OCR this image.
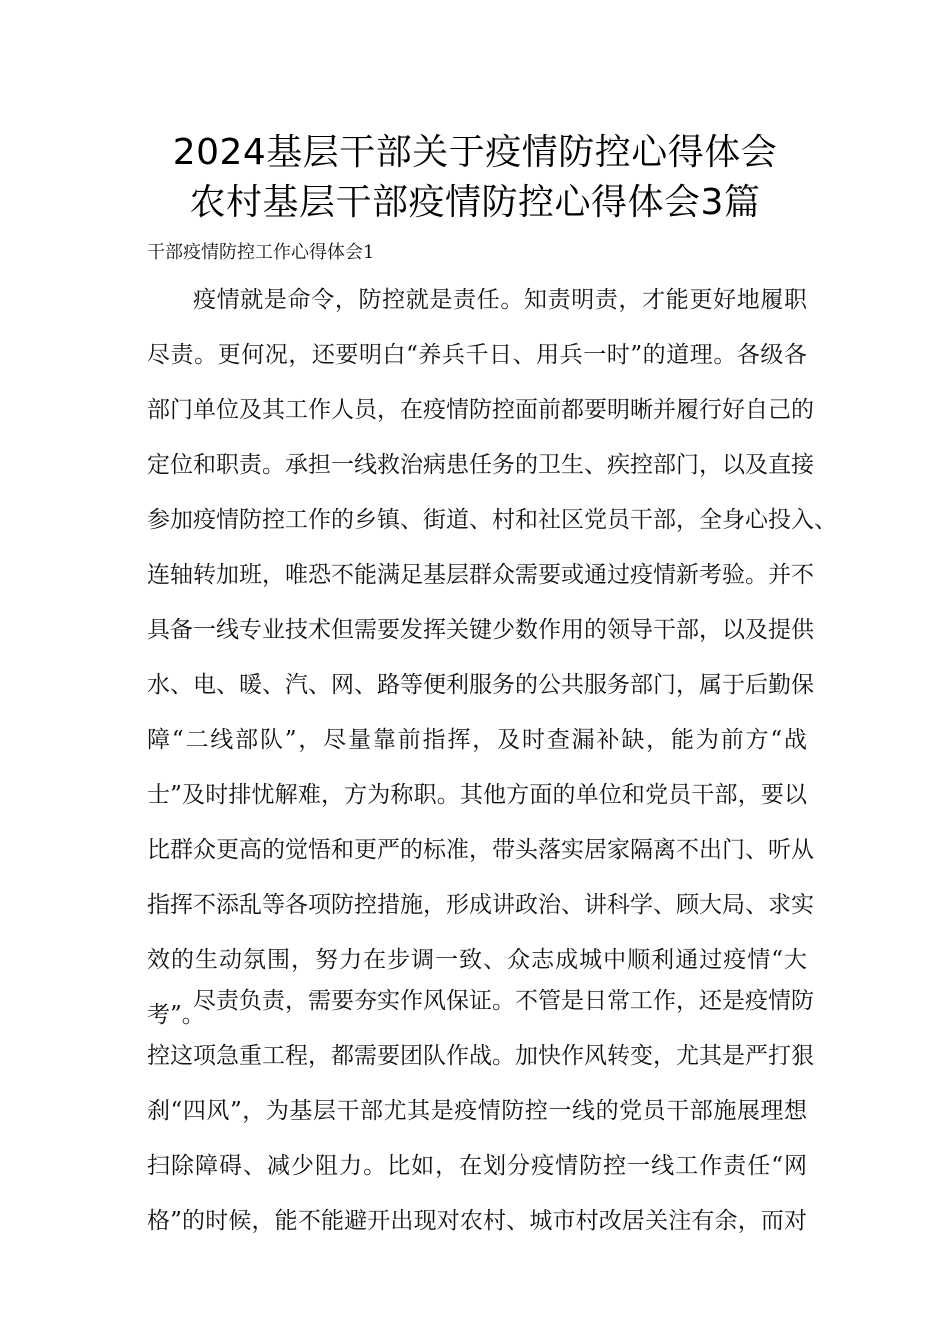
2024基层干部关于疫情防控心得体会
农村基层干部疫情防控心得体会3篇
干部疫情防控工作心得体会1
疫情就是命令，防控就是责任。知责明责，才能更好地履职
尽责。更何况，还要明白“养兵千日、用兵一时”的道理。各级各
部门单位及其工作人员，在疫情防控面前都要明晰并履行好自己的
定位和职责。承担一线救治病患任务的卫生、疾控部门，以及直接
参加疫情防控工作的乡镇、街道、村和社区党员干部，全身心投入、
连轴转加班，唯恐不能满足基层群众需要或通过疫情新考验。并不
具备一线专业技术但需要发挥关键少数作用的领导干部，以及提供
水、电、暖、汽、网、路等便利服务的公共服务部门，属于后勤保
障“二线部队”，尽量靠前指挥，及时查漏补缺，能为前方“战
士”及时排忧解难，方为称职。其他方面的单位和党员干部，要以
比群众更高的觉悟和更严的标准，带头落实居家隔离不出门、听从
指挥不添乱等各项防控措施，形成讲政治、讲科学、顾大局、求实
效的生动氛围，努力在步调一致、众志成城中顺利通过疫情“大
考”。
尽责负责，需要夯实作风保证。不管是日常工作，还是疫情防
控这项急重工程，都需要团队作战。加快作风转变，尤其是严打狠
刹“四风”，为基层干部尤其是疫情防控一线的党员干部施展理想
扫除障碍、减少阻力。比如，在划分疫情防控一线工作责任“网
格”的时候，能不能避开出现对农村、城市村改居关注有余，而对
